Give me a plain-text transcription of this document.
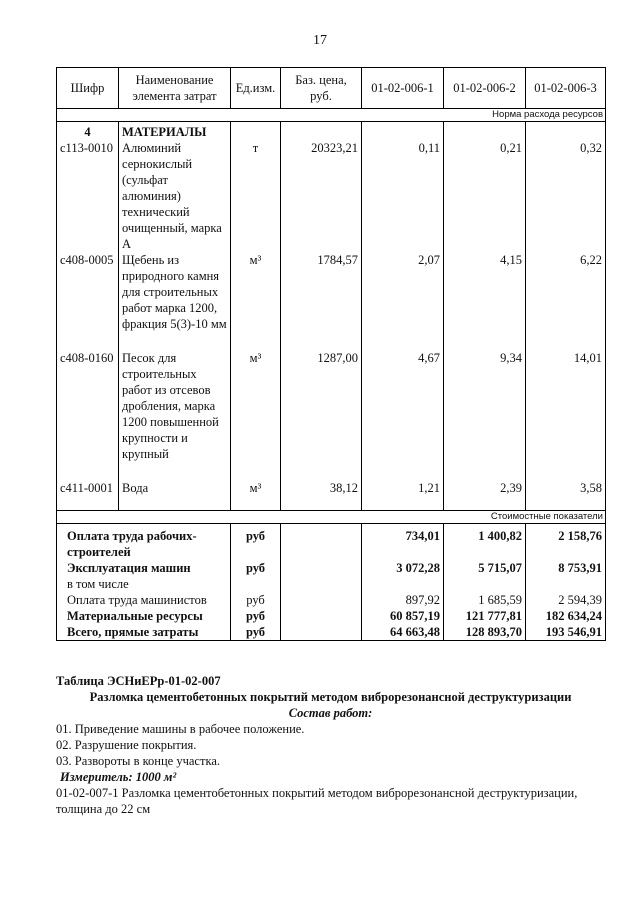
17
Шифр	Наименование элемента затрат	Ед.изм.	Баз. цена, руб.	01-02-006-1	01-02-006-2	01-02-006-3
Норма расхода ресурсов						
4	МАТЕРИАЛЫ					
с113-0010	Алюминий сернокислый (сульфат алюминия) технический очищенный, марка А	т	20323,21	0,11	0,21	0,32
с408-0005	Щебень из природного камня для строительных работ марка 1200, фракция 5(3)-10 мм	м³	1784,57	2,07	4,15	6,22
с408-0160	Песок для строительных работ из отсевов дробления, марка 1200 повышенной крупности и крупный	м³	1287,00	4,67	9,34	14,01
с411-0001	Вода	м³	38,12	1,21	2,39	3,58
Стоимостные показатели						
Оплата труда рабочих-строителей		руб		734,01	1 400,82	2 158,76
Эксплуатация машин		руб		3 072,28	5 715,07	8 753,91
в том числе						
Оплата труда машинистов		руб		897,92	1 685,59	2 594,39
Материальные ресурсы		руб		60 857,19	121 777,81	182 634,24
Всего, прямые затраты		руб		64 663,48	128 893,70	193 546,91
Таблица ЭСНиЕРр-01-02-007
Разломка цементобетонных покрытий методом виброрезонансной деструктуризации
Состав работ:
01. Приведение машины в рабочее положение.
02. Разрушение покрытия.
03. Развороты в конце участка.
Измеритель: 1000 м²
01-02-007-1 Разломка цементобетонных покрытий методом виброрезонансной деструктуризации, толщина до 22 см
